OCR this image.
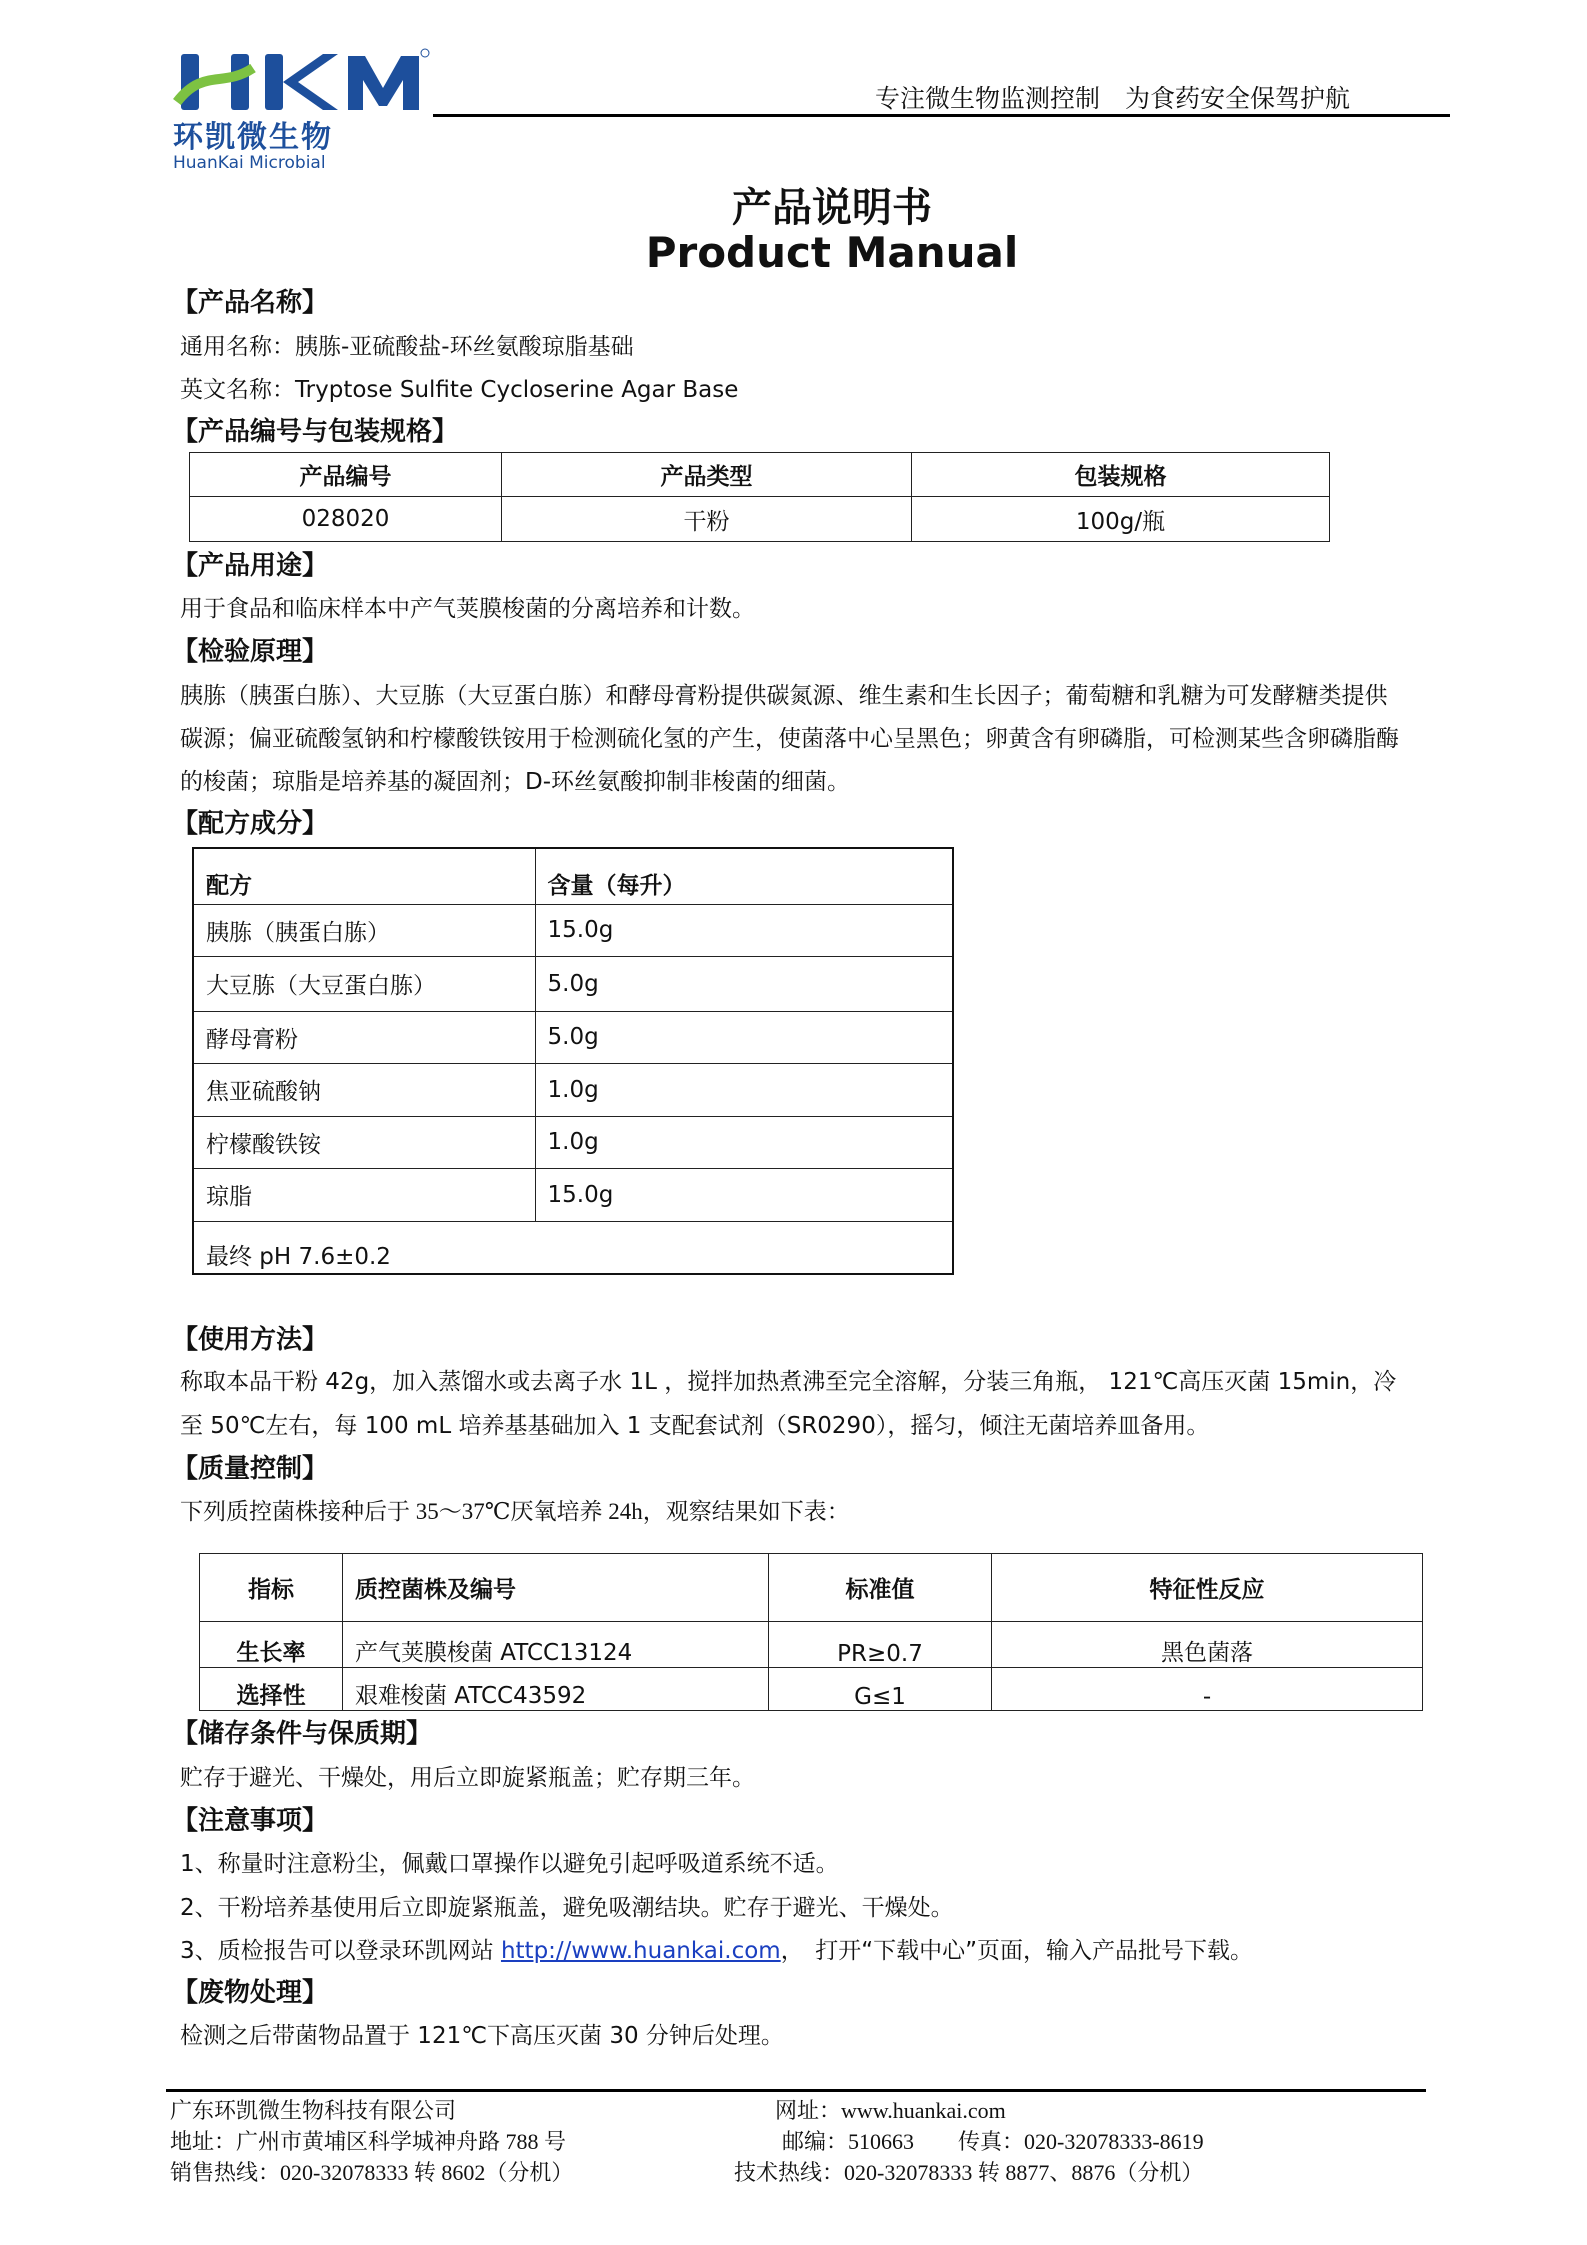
环凯微生物
HuanKai Microbial
专注微生物监测控制　为食药安全保驾护航
产品说明书
Product Manual
【产品名称】
通用名称：胰胨-亚硫酸盐-环丝氨酸琼脂基础
英文名称：Tryptose Sulfite Cycloserine Agar Base
【产品编号与包装规格】
产品编号	产品类型	包装规格
028020	干粉	100g/瓶
【产品用途】
用于食品和临床样本中产气荚膜梭菌的分离培养和计数。
【检验原理】
胰胨（胰蛋白胨）、大豆胨（大豆蛋白胨）和酵母膏粉提供碳氮源、维生素和生长因子；葡萄糖和乳糖为可发酵糖类提供
碳源；偏亚硫酸氢钠和柠檬酸铁铵用于检测硫化氢的产生，使菌落中心呈黑色；卵黄含有卵磷脂，可检测某些含卵磷脂酶
的梭菌；琼脂是培养基的凝固剂；D-环丝氨酸抑制非梭菌的细菌。
【配方成分】
配方	含量（每升）
胰胨（胰蛋白胨）	15.0g
大豆胨（大豆蛋白胨）	5.0g
酵母膏粉	5.0g
焦亚硫酸钠	1.0g
柠檬酸铁铵	1.0g
琼脂	15.0g
最终 pH 7.6±0.2	
【使用方法】
称取本品干粉 42g，加入蒸馏水或去离子水 1L ，搅拌加热煮沸至完全溶解，分装三角瓶， 121℃高压灭菌 15min，冷
至 50℃左右，每 100 mL 培养基基础加入 1 支配套试剂（SR0290），摇匀，倾注无菌培养皿备用。
【质量控制】
下列质控菌株接种后于 35～37℃厌氧培养 24h，观察结果如下表：
指标	质控菌株及编号	标准值	特征性反应
生长率	产气荚膜梭菌 ATCC13124	PR≥0.7	黑色菌落
选择性	艰难梭菌 ATCC43592	G≤1	-
【储存条件与保质期】
贮存于避光、干燥处，用后立即旋紧瓶盖；贮存期三年。
【注意事项】
1、称量时注意粉尘，佩戴口罩操作以避免引起呼吸道系统不适。
2、干粉培养基使用后立即旋紧瓶盖，避免吸潮结块。贮存于避光、干燥处。
3、质检报告可以登录环凯网站 http://www.huankai.com，　打开“下载中心”页面，输入产品批号下载。
【废物处理】
检测之后带菌物品置于 121℃下高压灭菌 30 分钟后处理。
广东环凯微生物科技有限公司
地址：广州市黄埔区科学城神舟路 788 号
销售热线：020-32078333 转 8602（分机）
网址：www.huankai.com
邮编：510663　　传真：020-32078333-8619
技术热线：020-32078333 转 8877、8876（分机）
